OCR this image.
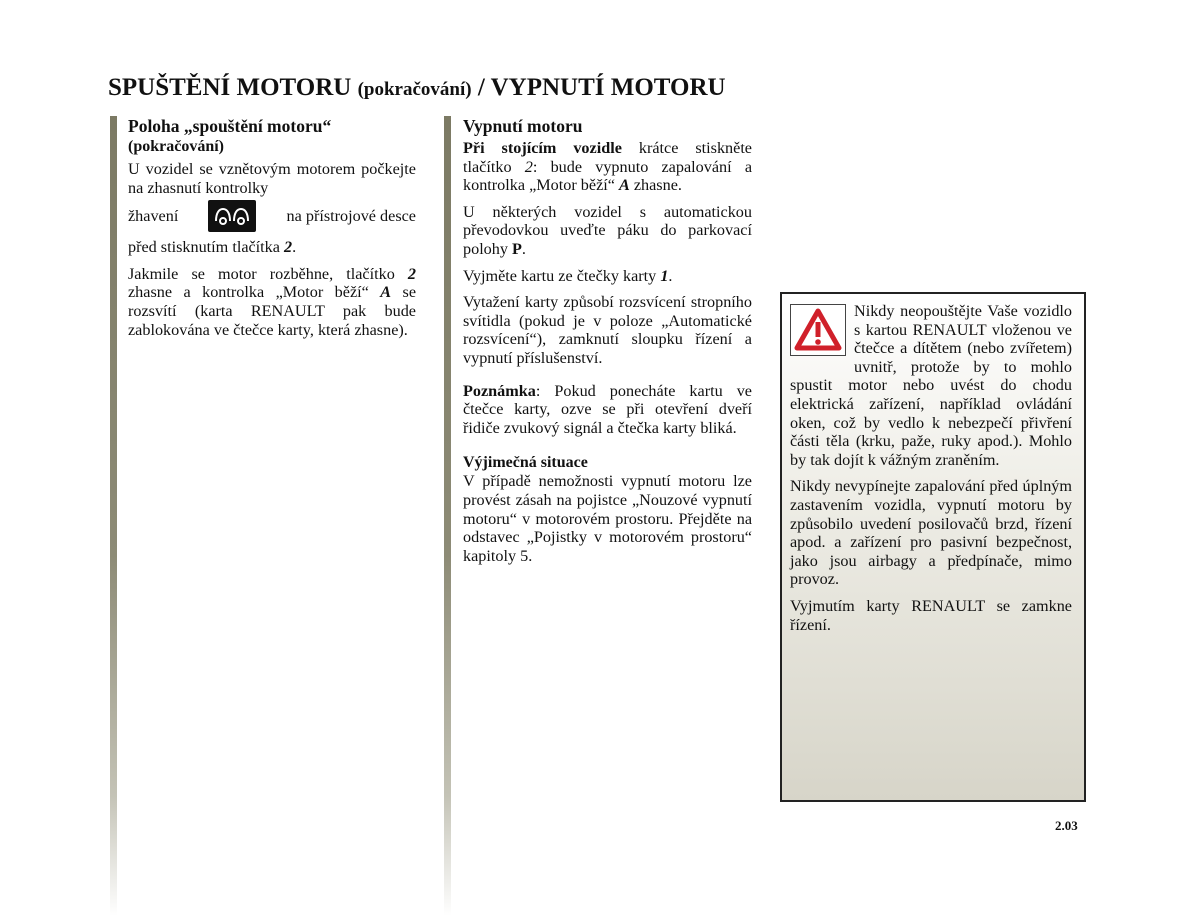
SPUŠTĚNÍ MOTORU (pokračování) / VYPNUTÍ MOTORU
Poloha „spouštění motoru“
(pokračování)

U vozidel se vznětovým motorem počkejte na zhasnutí kontrolky

žhavení	na přístrojové desce

před stisknutím tlačítka 2.

Jakmile se motor rozběhne, tlačítko 2 zhasne a kontrolka „Motor běží“ A se rozsvítí (karta RENAULT pak bude zablokována ve čtečce karty, která zhasne).

Vypnutí motoru

Při stojícím vozidle krátce stiskněte tlačítko 2: bude vypnuto zapalování a kontrolka „Motor běží“ A zhasne.

U některých vozidel s automatickou převodovkou uveďte páku do parkovací polohy P.

Vyjměte kartu ze čtečky karty 1.

Vytažení karty způsobí rozsvícení stropního svítidla (pokud je v poloze „Automatické rozsvícení“), zamknutí sloupku řízení a vypnutí příslušenství.

Poznámka: Pokud ponecháte kartu ve čtečce karty, ozve se při otevření dveří řidiče zvukový signál a čtečka karty bliká.

Výjimečná situace

V případě nemožnosti vypnutí motoru lze provést zásah na pojistce „Nouzové vypnutí motoru“ v motorovém prostoru. Přejděte na odstavec „Pojistky v motorovém prostoru“ kapitoly 5.

Nikdy neopouštějte Vaše vozidlo s kartou RENAULT vloženou ve čtečce a dítětem (nebo zvířetem) uvnitř, protože by to mohlo spustit motor nebo uvést do chodu elektrická zařízení, například ovládání oken, což by vedlo k nebezpečí přivření části těla (krku, paže, ruky apod.). Mohlo by tak dojít k vážným zraněním.

Nikdy nevypínejte zapalování před úplným zastavením vozidla, vypnutí motoru by způsobilo uvedení posilovačů brzd, řízení apod. a zařízení pro pasivní bezpečnost, jako jsou airbagy a předpínače, mimo provoz.

Vyjmutím karty RENAULT se zamkne řízení.

2.03
